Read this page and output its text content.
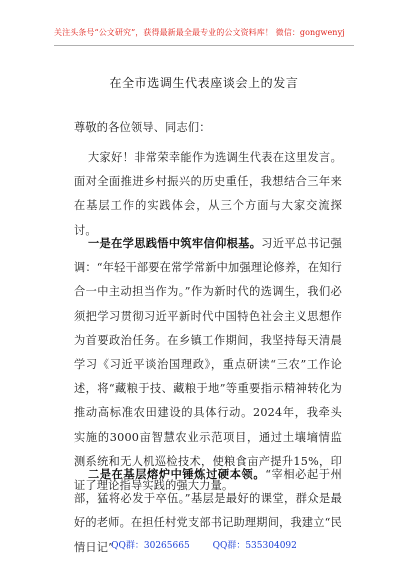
关注头条号“公文研究”，获得最新最全最专业的公文资料库！ 微信：gongwenyj
在全市选调生代表座谈会上的发言
尊敬的各位领导、同志们：
大家好！非常荣幸能作为选调生代表在这里发言。面对全面推进乡村振兴的历史重任，我想结合三年来在基层工作的实践体会，从三个方面与大家交流探讨。
一是在学思践悟中筑牢信仰根基。习近平总书记强调：“年轻干部要在常学常新中加强理论修养，在知行合一中主动担当作为。”作为新时代的选调生，我们必须把学习贯彻习近平新时代中国特色社会主义思想作为首要政治任务。在乡镇工作期间，我坚持每天清晨学习《习近平谈治国理政》，重点研读“三农”工作论述，将“藏粮于技、藏粮于地”等重要指示精神转化为推动高标准农田建设的具体行动。2024年，我牵头实施的3000亩智慧农业示范项目，通过土壤墒情监测系统和无人机巡检技术，使粮食亩产提升15%，印证了理论指导实践的强大力量。
二是在基层熔炉中锤炼过硬本领。“宰相必起于州部，猛将必发于卒伍。”基层是最好的课堂，群众是最好的老师。在担任村党支部书记助理期间，我建立“民情日记”
QQ群：30265665	QQ群：535304092
